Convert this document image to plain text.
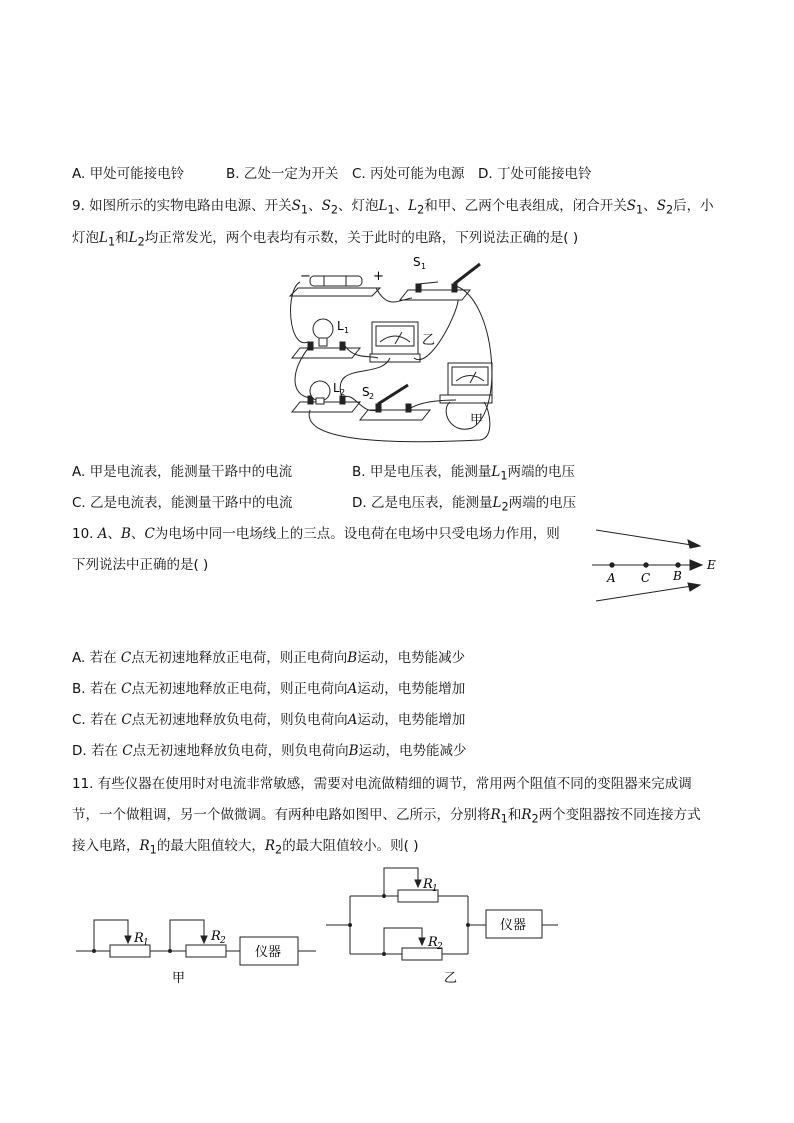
A. 甲处可能接电铃	B. 乙处一定为开关 C. 丙处可能为电源 D. 丁处可能接电铃
9. 如图所示的实物电路由电源、开关$S_1$、$S_2$、灯泡$L_1$、$L_2$和甲、乙两个电表组成，闭合开关$S_1$、$S_2$后，小
灯泡$L_1$和$L_2$均正常发光，两个电表均有示数，关于此时的电路，下列说法正确的是( )
−	+
S 1
L 1
乙
L 2 S 2
甲
A. 甲是电流表，能测量干路中的电流	B. 甲是电压表，能测量$L_1$两端的电压
C. 乙是电流表，能测量干路中的电流	D. 乙是电压表，能测量$L_2$两端的电压
10. A、B、C为电场中同一电场线上的三点。设电荷在电场中只受电场力作用，则
下列说法中正确的是( )
A C B
E
A. 若在 C点无初速地释放正电荷，则正电荷向B运动，电势能减少
B. 若在 C点无初速地释放正电荷，则正电荷向A运动，电势能增加
C. 若在 C点无初速地释放负电荷，则负电荷向A运动，电势能增加
D. 若在 C点无初速地释放负电荷，则负电荷向B运动，电势能减少
11. 有些仪器在使用时对电流非常敏感，需要对电流做精细的调节，常用两个阻值不同的变阻器来完成调
节，一个做粗调，另一个做微调。有两种电路如图甲、乙所示，分别将$R_1$和$R_2$两个变阻器按不同连接方式
接入电路，$R_1$的最大阻值较大，$R_2$的最大阻值较小。则( )
R 1	R 2
仪器
甲
R 1
R 2
仪器
乙
